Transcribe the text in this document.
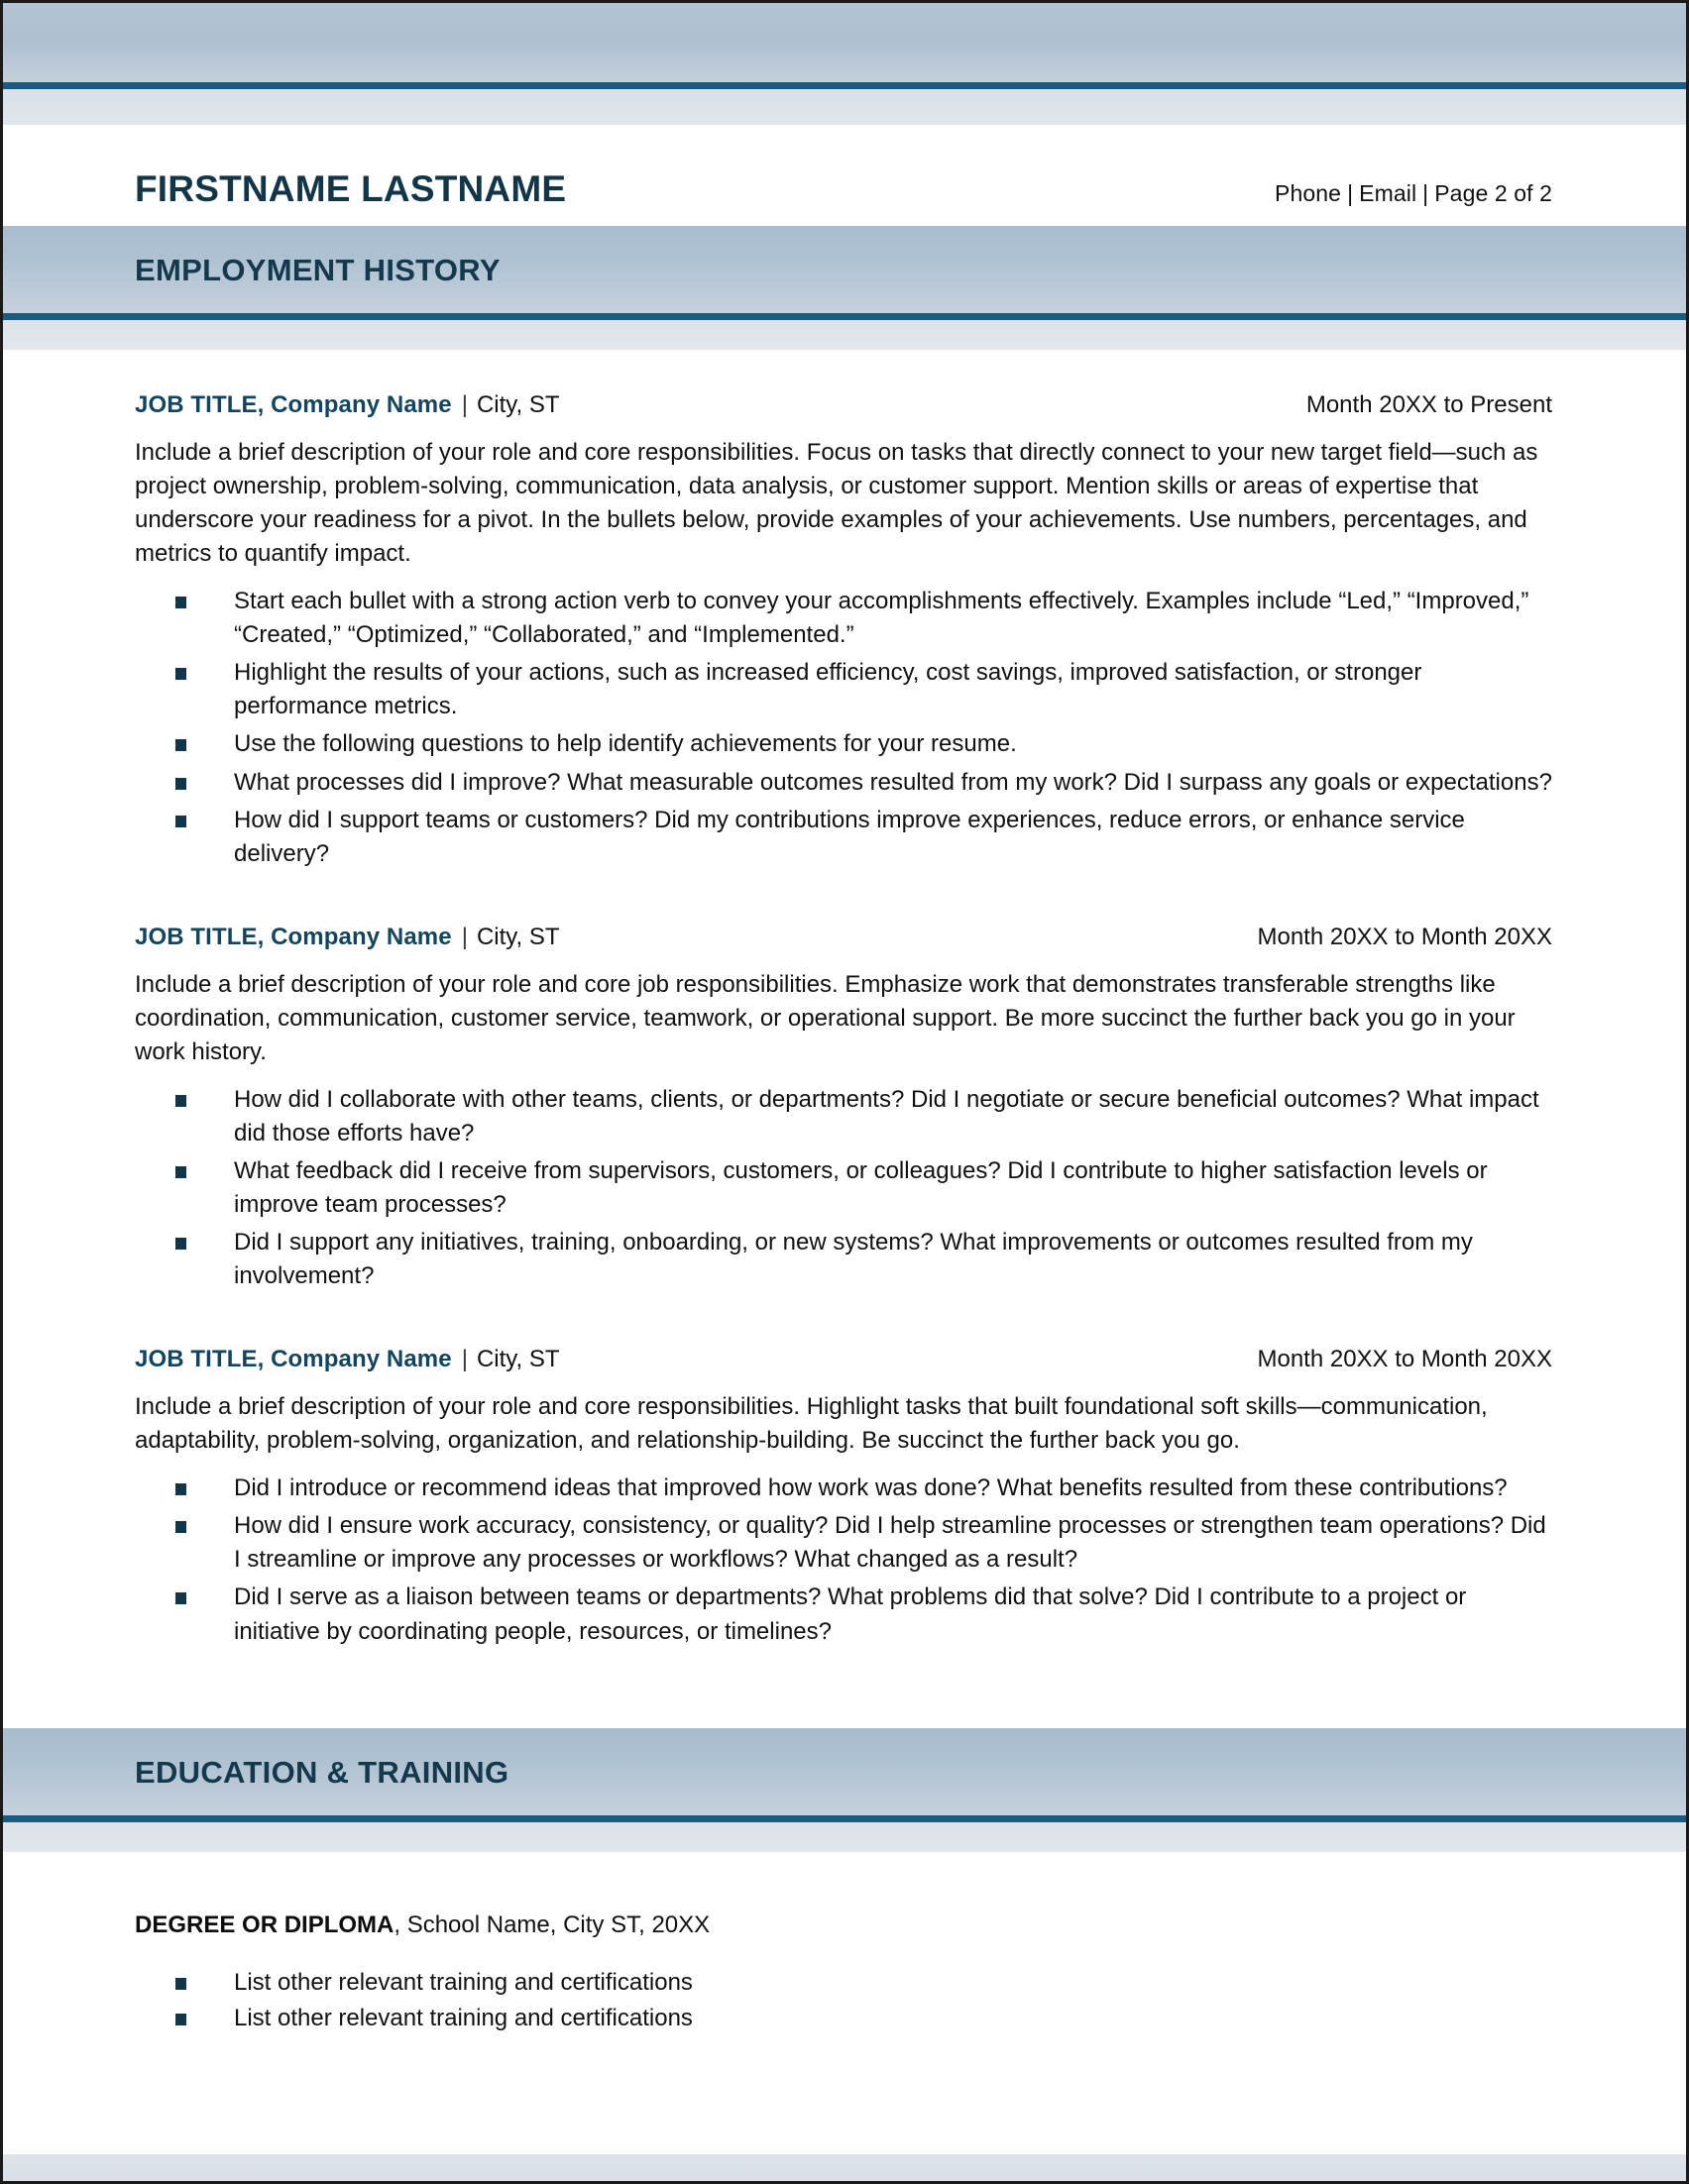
FIRSTNAME LASTNAME	Phone | Email | Page 2 of 2
EMPLOYMENT HISTORY
JOB TITLE, Company Name | City, ST	Month 20XX to Present
Include a brief description of your role and core responsibilities. Focus on tasks that directly connect to your new target field—such as project ownership, problem-solving, communication, data analysis, or customer support. Mention skills or areas of expertise that underscore your readiness for a pivot. In the bullets below, provide examples of your achievements. Use numbers, percentages, and metrics to quantify impact.
Start each bullet with a strong action verb to convey your accomplishments effectively. Examples include “Led,” “Improved,” “Created,” “Optimized,” “Collaborated,” and “Implemented.”
Highlight the results of your actions, such as increased efficiency, cost savings, improved satisfaction, or stronger performance metrics.
Use the following questions to help identify achievements for your resume.
What processes did I improve? What measurable outcomes resulted from my work? Did I surpass any goals or expectations?
How did I support teams or customers? Did my contributions improve experiences, reduce errors, or enhance service delivery?
JOB TITLE, Company Name | City, ST	Month 20XX to Month 20XX
Include a brief description of your role and core job responsibilities. Emphasize work that demonstrates transferable strengths like coordination, communication, customer service, teamwork, or operational support. Be more succinct the further back you go in your work history.
How did I collaborate with other teams, clients, or departments? Did I negotiate or secure beneficial outcomes? What impact did those efforts have?
What feedback did I receive from supervisors, customers, or colleagues? Did I contribute to higher satisfaction levels or improve team processes?
Did I support any initiatives, training, onboarding, or new systems? What improvements or outcomes resulted from my involvement?
JOB TITLE, Company Name | City, ST	Month 20XX to Month 20XX
Include a brief description of your role and core responsibilities. Highlight tasks that built foundational soft skills—communication, adaptability, problem-solving, organization, and relationship-building. Be succinct the further back you go.
Did I introduce or recommend ideas that improved how work was done? What benefits resulted from these contributions?
How did I ensure work accuracy, consistency, or quality? Did I help streamline processes or strengthen team operations? Did I streamline or improve any processes or workflows? What changed as a result?
Did I serve as a liaison between teams or departments? What problems did that solve? Did I contribute to a project or initiative by coordinating people, resources, or timelines?
EDUCATION & TRAINING
DEGREE OR DIPLOMA, School Name, City ST, 20XX
List other relevant training and certifications
List other relevant training and certifications
